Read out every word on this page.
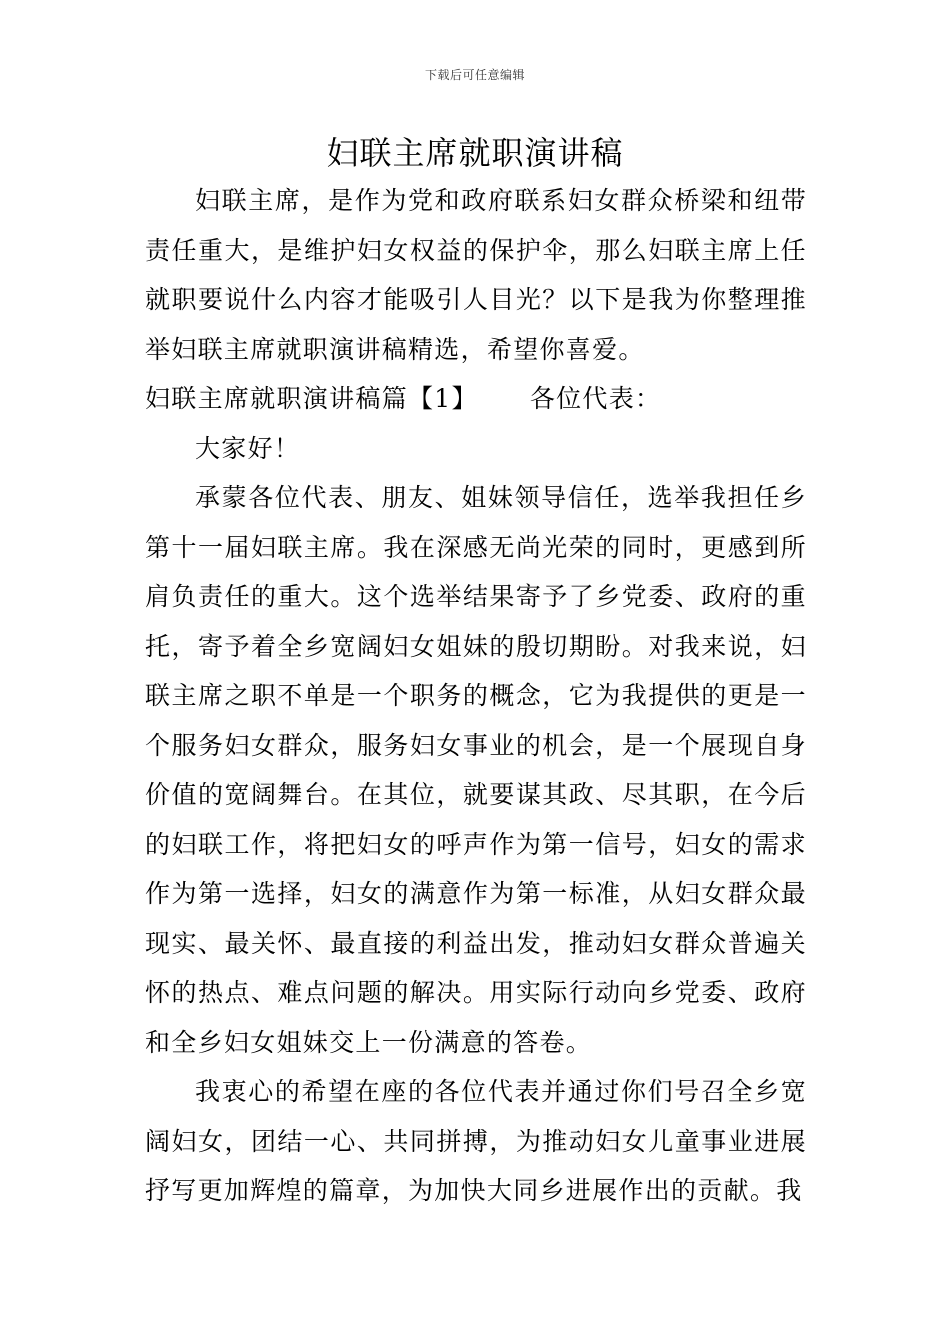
下载后可任意编辑
妇联主席就职演讲稿

妇联主席，是作为党和政府联系妇女群众桥梁和纽带责任重大，是维护妇女权益的保护伞，那么妇联主席上任就职要说什么内容才能吸引人目光？以下是我为你整理推举妇联主席就职演讲稿精选，希望你喜爱。

妇联主席就职演讲稿篇【1】 各位代表：

大家好！

承蒙各位代表、朋友、姐妹领导信任，选举我担任乡第十一届妇联主席。我在深感无尚光荣的同时，更感到所肩负责任的重大。这个选举结果寄予了乡党委、政府的重托，寄予着全乡宽阔妇女姐妹的殷切期盼。对我来说，妇联主席之职不单是一个职务的概念，它为我提供的更是一个服务妇女群众，服务妇女事业的机会，是一个展现自身价值的宽阔舞台。在其位，就要谋其政、尽其职，在今后的妇联工作，将把妇女的呼声作为第一信号，妇女的需求作为第一选择，妇女的满意作为第一标准，从妇女群众最现实、最关怀、最直接的利益出发，推动妇女群众普遍关怀的热点、难点问题的解决。用实际行动向乡党委、政府和全乡妇女姐妹交上一份满意的答卷。

我衷心的希望在座的各位代表并通过你们号召全乡宽阔妇女，团结一心、共同拼搏，为推动妇女儿童事业进展抒写更加辉煌的篇章，为加快大同乡进展作出的贡献。我
